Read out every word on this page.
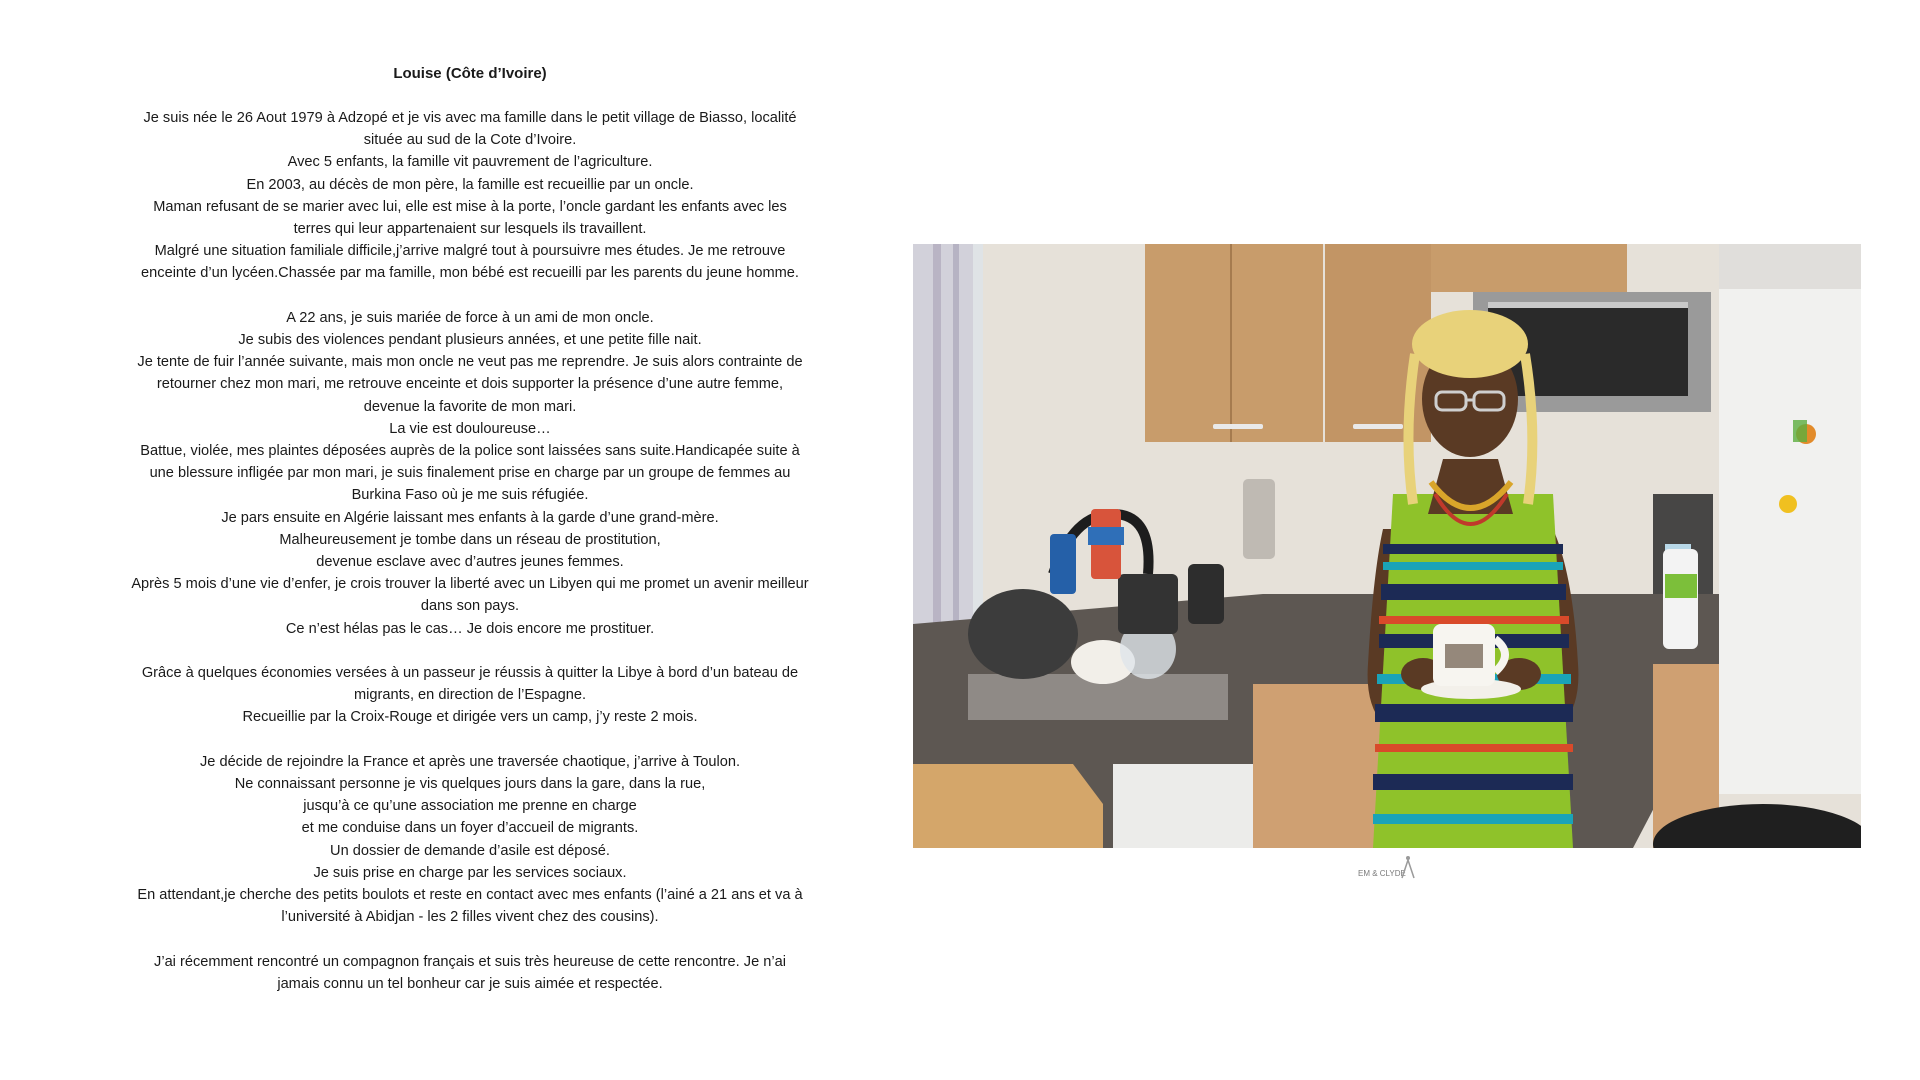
Louise (Côte d’Ivoire)

Je suis née le 26 Aout 1979 à Adzopé et je vis avec ma famille dans le petit village de Biasso, localité
située au sud de la Cote d’Ivoire.
Avec 5 enfants, la famille vit pauvrement de l’agriculture.
En 2003, au décès de mon père, la famille est recueillie par un oncle.
Maman refusant de se marier avec lui, elle est mise à la porte, l’oncle gardant les enfants avec les
terres qui leur appartenaient sur lesquels ils travaillent.
Malgré une situation familiale difficile,j’arrive malgré tout à poursuivre mes études. Je me retrouve
enceinte d’un lycéen.Chassée par ma famille, mon bébé est recueilli par les parents du jeune homme.

A 22 ans, je suis mariée de force à un ami de mon oncle.
Je subis des violences pendant plusieurs années, et une petite fille nait.
Je tente de fuir l’année suivante, mais mon oncle ne veut pas me reprendre. Je suis alors contrainte de
retourner chez mon mari, me retrouve enceinte et dois supporter la présence d’une autre femme,
devenue la favorite de mon mari.
La vie est douloureuse…
Battue, violée, mes plaintes déposées auprès de la police sont laissées sans suite.Handicapée suite à
une blessure infligée par mon mari, je suis finalement prise en charge par un groupe de femmes au
Burkina Faso où je me suis réfugiée.
Je pars ensuite en Algérie laissant mes enfants à la garde d’une grand-mère.
Malheureusement je tombe dans un réseau de prostitution,
devenue esclave avec d’autres jeunes femmes.
Après 5 mois d’une vie d’enfer, je crois trouver la liberté avec un Libyen qui me promet un avenir meilleur
dans son pays.
Ce n’est hélas pas le cas… Je dois encore me prostituer.

Grâce à quelques économies versées à un passeur je réussis à quitter la Libye à bord d’un bateau de
migrants, en direction de l’Espagne.
Recueillie par la Croix-Rouge et dirigée vers un camp, j’y reste 2 mois.

Je décide de rejoindre la France et après une traversée chaotique, j’arrive à Toulon.
Ne connaissant personne je vis quelques jours dans la gare, dans la rue,
jusqu’à ce qu’une association me prenne en charge
et me conduise dans un foyer d’accueil de migrants.
Un dossier de demande d’asile est déposé.
Je suis prise en charge par les services sociaux.
En attendant,je cherche des petits boulots et reste en contact avec mes enfants (l’ainé a 21 ans et va à
l’université à Abidjan - les 2 filles vivent chez des cousins).

J’ai récemment rencontré un compagnon français et suis très heureuse de cette rencontre. Je n’ai
jamais connu un tel bonheur car je suis aimée et respectée.

EM & CLYDE
